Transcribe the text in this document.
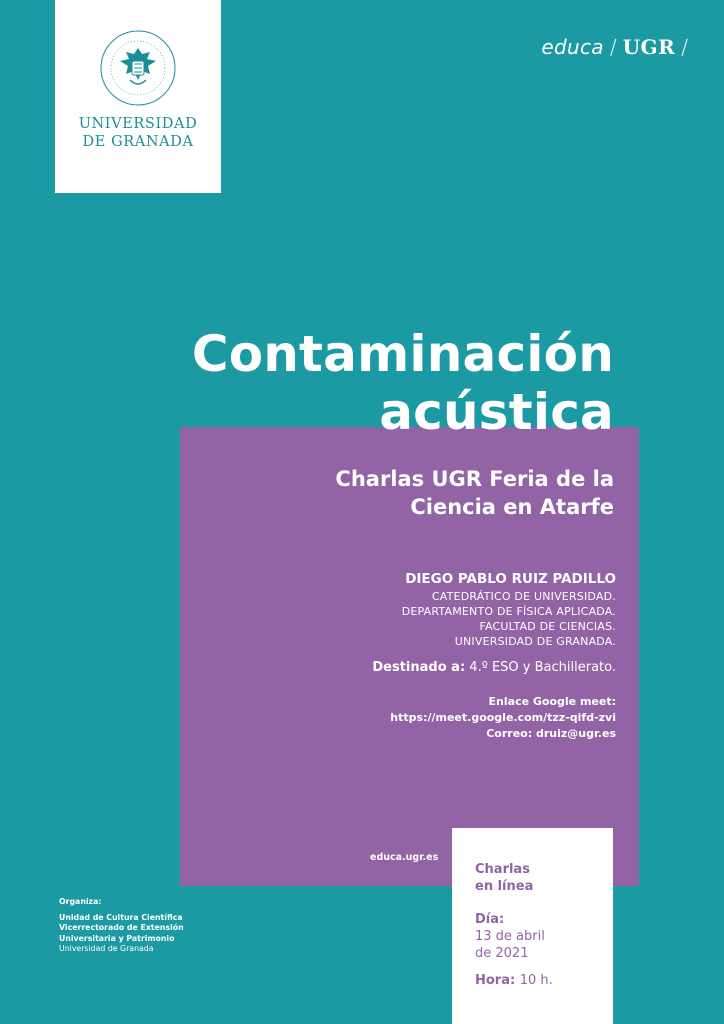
UNIVERSIDAD
DE GRANADA
educa / UGR /
Contaminación
acústica
Charlas UGR Feria de la
Ciencia en Atarfe
DIEGO PABLO RUIZ PADILLO
CATEDRÁTICO DE UNIVERSIDAD.
DEPARTAMENTO DE FÍSICA APLICADA.
FACULTAD DE CIENCIAS.
UNIVERSIDAD DE GRANADA.
Destinado a: 4.º ESO y Bachillerato.
Enlace Google meet:
https://meet.google.com/tzz-qifd-zvi
Correo: druiz@ugr.es
educa.ugr.es
Charlas
en línea
Día:
13 de abril
de 2021
Hora: 10 h.
Organiza:
Unidad de Cultura Científica
Vicerrectorado de Extensión
Universitaria y Patrimonio
Universidad de Granada
